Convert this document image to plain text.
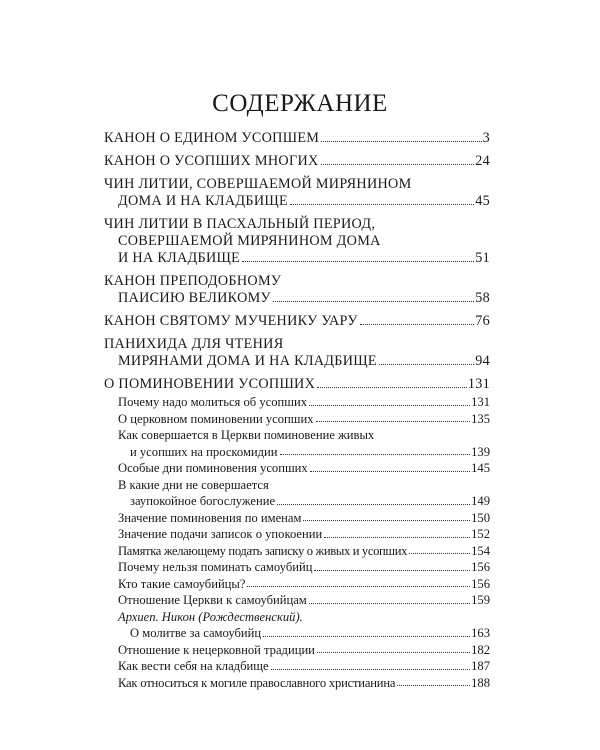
СОДЕРЖАНИЕ
КАНОН О ЕДИНОМ УСОПШЕМ	3
КАНОН О УСОПШИХ МНОГИХ	24
ЧИН ЛИТИИ, СОВЕРШАЕМОЙ МИРЯНИНОМ
ДОМА И НА КЛАДБИЩЕ	45
ЧИН ЛИТИИ В ПАСХАЛЬНЫЙ ПЕРИОД,
СОВЕРШАЕМОЙ МИРЯНИНОМ ДОМА
И НА КЛАДБИЩЕ	51
КАНОН ПРЕПОДОБНОМУ
ПАИСИЮ ВЕЛИКОМУ	58
КАНОН СВЯТОМУ МУЧЕНИКУ УАРУ	76
ПАНИХИДА ДЛЯ ЧТЕНИЯ
МИРЯНАМИ ДОМА И НА КЛАДБИЩЕ	94
О ПОМИНОВЕНИИ УСОПШИХ	131
Почему надо молиться об усопших	131
О церковном поминовении усопших	135
Как совершается в Церкви поминовение живых
и усопших на проскомидии	139
Особые дни поминовения усопших	145
В какие дни не совершается
заупокойное богослужение	149
Значение поминовения по именам	150
Значение подачи записок о упокоении	152
Памятка желающему подать записку о живых и усопших	154
Почему нельзя поминать самоубийц	156
Кто такие самоубийцы?	156
Отношение Церкви к самоубийцам	159
Архиеп. Никон (Рождественский).
О молитве за самоубийц	163
Отношение к нецерковной традиции	182
Как вести себя на кладбище	187
Как относиться к могиле православного христианина	188
